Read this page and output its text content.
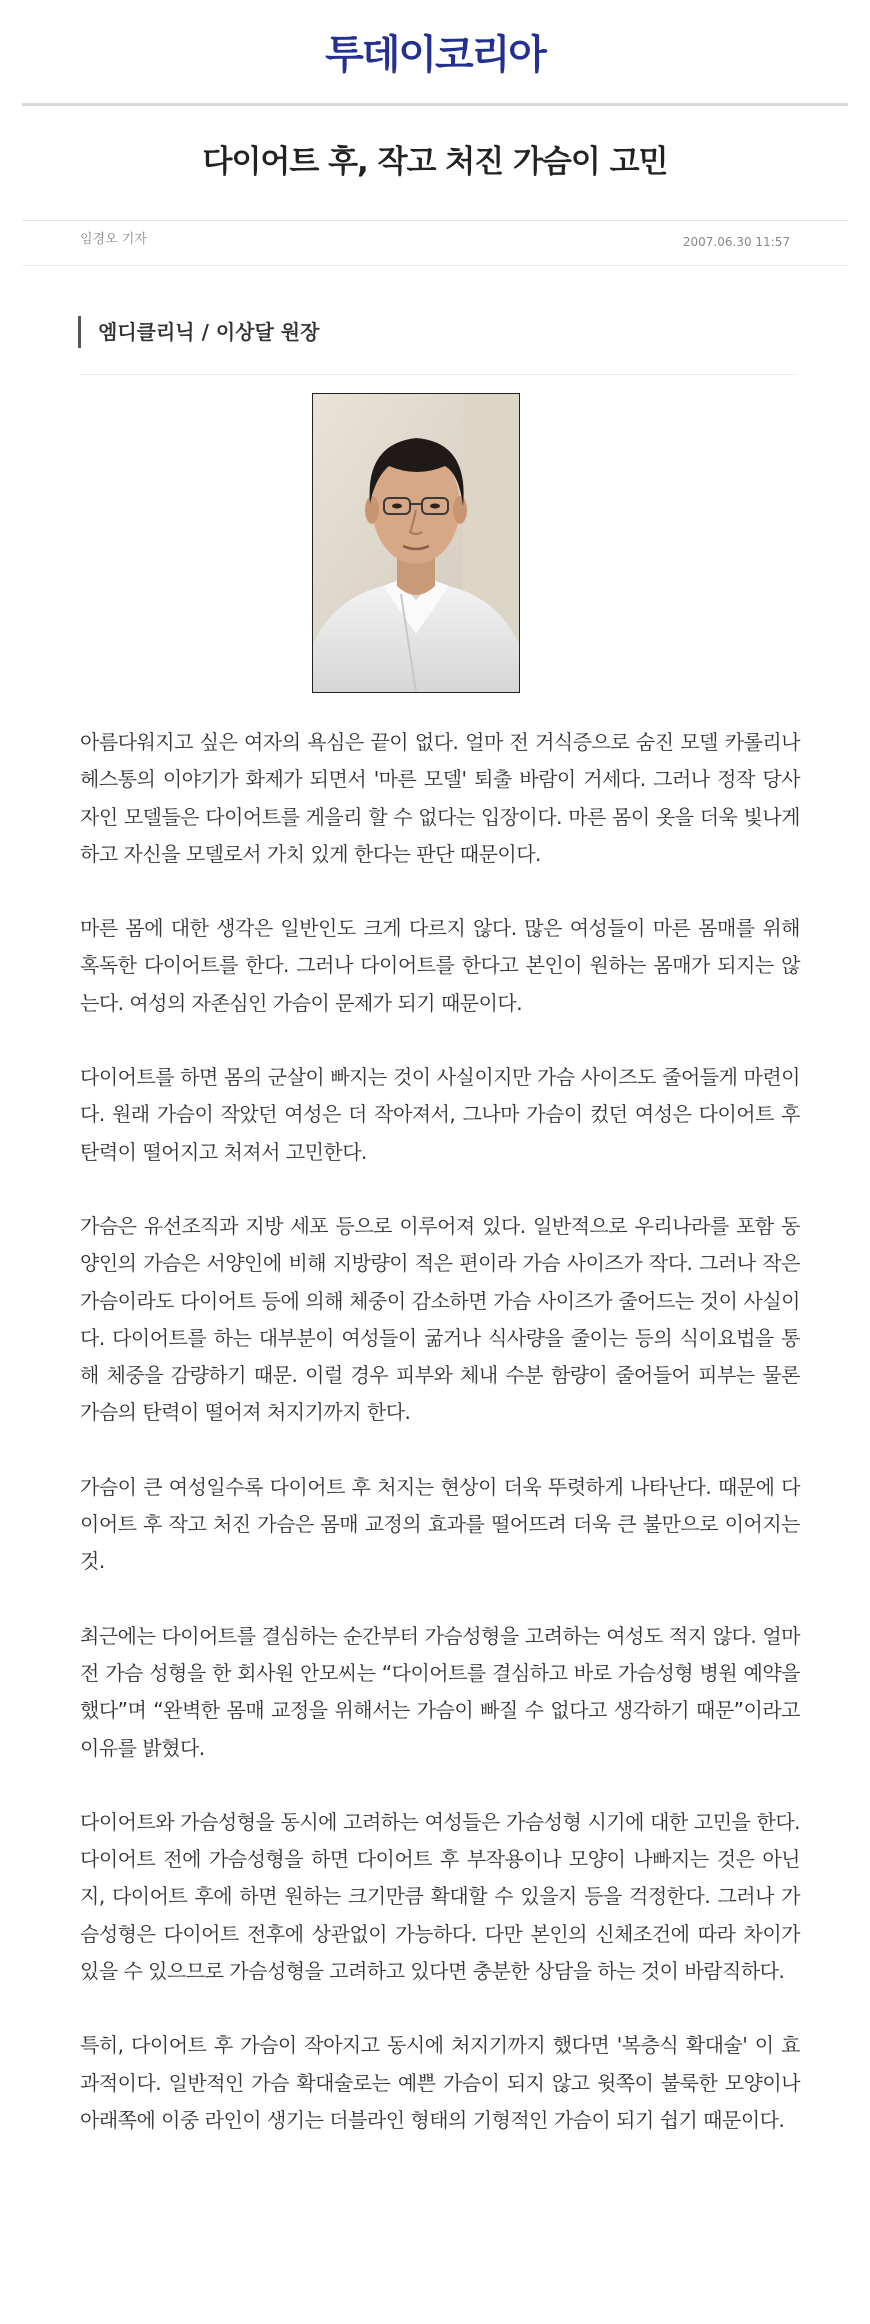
투데이코리아
다이어트 후, 작고 처진 가슴이 고민
임경오 기자	2007.06.30 11:57
엠디클리닉 / 이상달 원장

아름다워지고 싶은 여자의 욕심은 끝이 없다. 얼마 전 거식증으로 숨진 모델 카롤리나 헤스통의 이야기가 화제가 되면서 '마른 모델' 퇴출 바람이 거세다. 그러나 정작 당사자인 모델들은 다이어트를 게을리 할 수 없다는 입장이다. 마른 몸이 옷을 더욱 빛나게 하고 자신을 모델로서 가치 있게 한다는 판단 때문이다.

마른 몸에 대한 생각은 일반인도 크게 다르지 않다. 많은 여성들이 마른 몸매를 위해 혹독한 다이어트를 한다. 그러나 다이어트를 한다고 본인이 원하는 몸매가 되지는 않는다. 여성의 자존심인 가슴이 문제가 되기 때문이다.

다이어트를 하면 몸의 군살이 빠지는 것이 사실이지만 가슴 사이즈도 줄어들게 마련이다. 원래 가슴이 작았던 여성은 더 작아져서, 그나마 가슴이 컸던 여성은 다이어트 후 탄력이 떨어지고 처져서 고민한다.

가슴은 유선조직과 지방 세포 등으로 이루어져 있다. 일반적으로 우리나라를 포함 동양인의 가슴은 서양인에 비해 지방량이 적은 편이라 가슴 사이즈가 작다. 그러나 작은 가슴이라도 다이어트 등에 의해 체중이 감소하면 가슴 사이즈가 줄어드는 것이 사실이다. 다이어트를 하는 대부분이 여성들이 굶거나 식사량을 줄이는 등의 식이요법을 통해 체중을 감량하기 때문. 이럴 경우 피부와 체내 수분 함량이 줄어들어 피부는 물론 가슴의 탄력이 떨어져 처지기까지 한다.

가슴이 큰 여성일수록 다이어트 후 처지는 현상이 더욱 뚜렷하게 나타난다. 때문에 다이어트 후 작고 처진 가슴은 몸매 교정의 효과를 떨어뜨려 더욱 큰 불만으로 이어지는 것.

최근에는 다이어트를 결심하는 순간부터 가슴성형을 고려하는 여성도 적지 않다. 얼마 전 가슴 성형을 한 회사원 안모씨는 “다이어트를 결심하고 바로 가슴성형 병원 예약을 했다”며 “완벽한 몸매 교정을 위해서는 가슴이 빠질 수 없다고 생각하기 때문”이라고 이유를 밝혔다.

다이어트와 가슴성형을 동시에 고려하는 여성들은 가슴성형 시기에 대한 고민을 한다. 다이어트 전에 가슴성형을 하면 다이어트 후 부작용이나 모양이 나빠지는 것은 아닌지, 다이어트 후에 하면 원하는 크기만큼 확대할 수 있을지 등을 걱정한다. 그러나 가슴성형은 다이어트 전후에 상관없이 가능하다. 다만 본인의 신체조건에 따라 차이가 있을 수 있으므로 가슴성형을 고려하고 있다면 충분한 상담을 하는 것이 바람직하다.

특히, 다이어트 후 가슴이 작아지고 동시에 처지기까지 했다면 '복층식 확대술' 이 효과적이다. 일반적인 가슴 확대술로는 예쁜 가슴이 되지 않고 윗쪽이 불룩한 모양이나 아래쪽에 이중 라인이 생기는 더블라인 형태의 기형적인 가슴이 되기 쉽기 때문이다.
